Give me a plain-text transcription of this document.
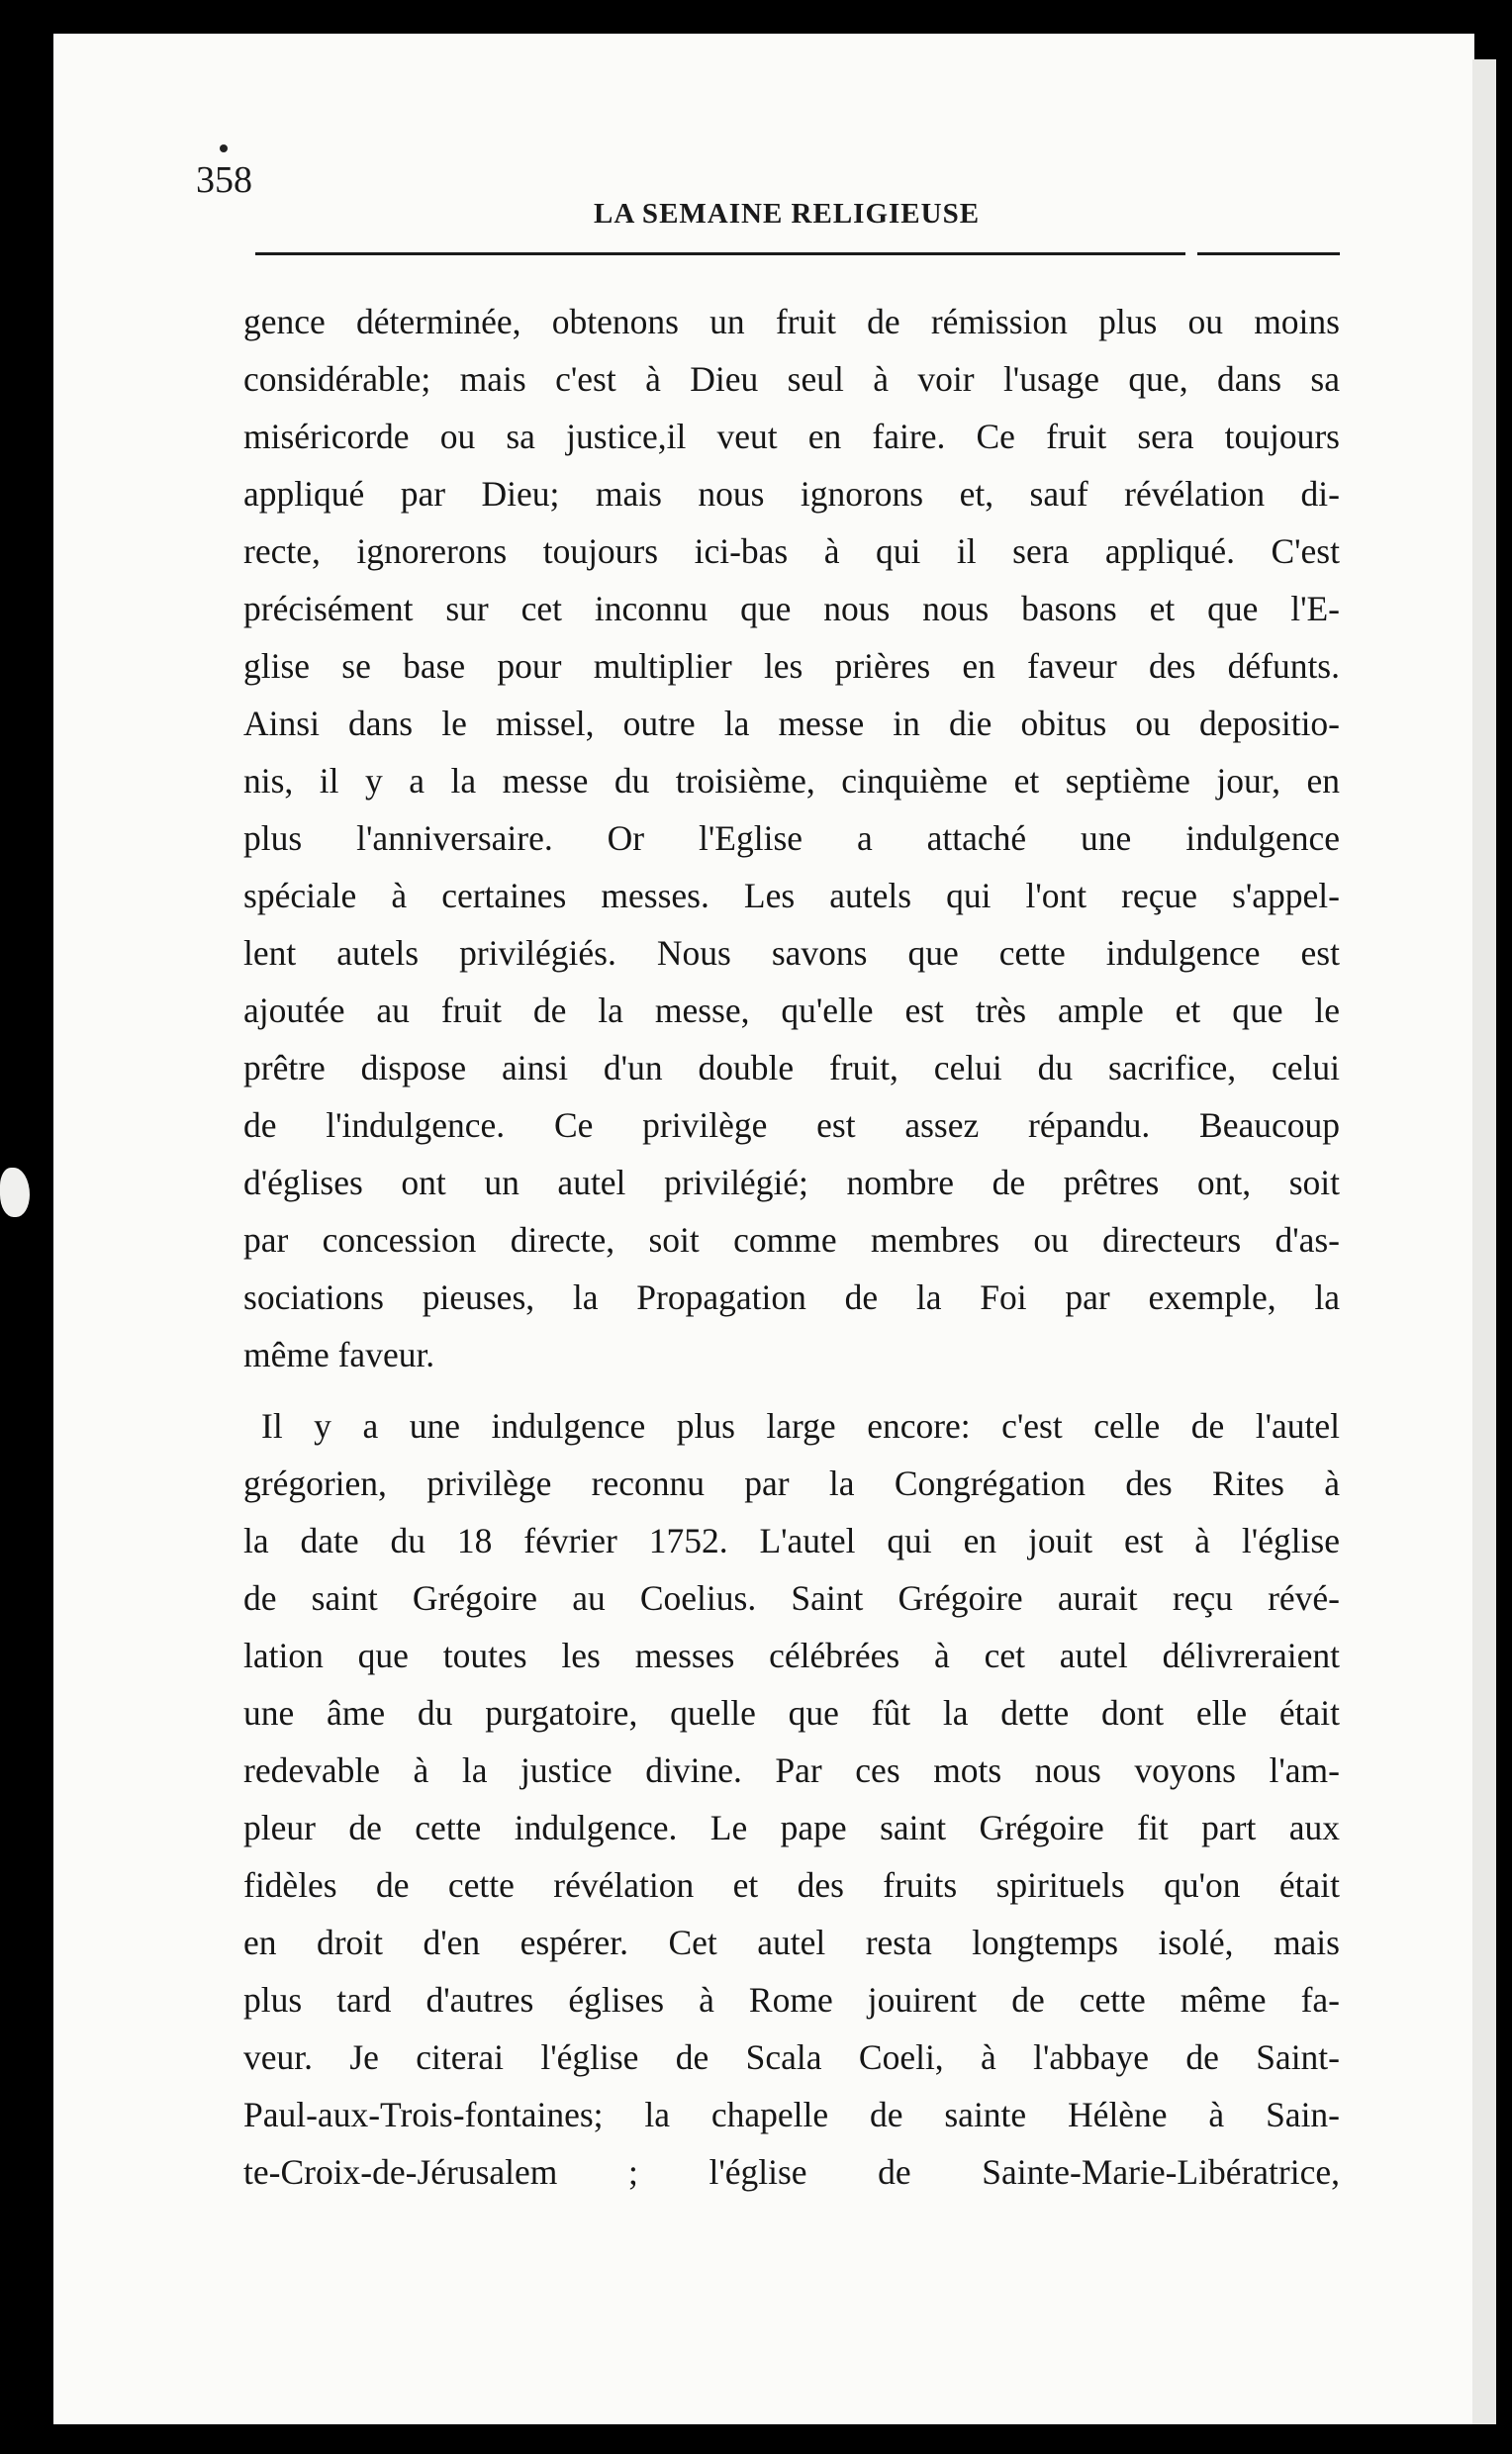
358
LA SEMAINE RELIGIEUSE
gence déterminée, obtenons un fruit de rémission plus ou moins
considérable; mais c'est à Dieu seul à voir l'usage que, dans sa
miséricorde ou sa justice,il veut en faire. Ce fruit sera toujours
appliqué par Dieu; mais nous ignorons et, sauf révélation di-
recte, ignorerons toujours ici-bas à qui il sera appliqué. C'est
précisément sur cet inconnu que nous nous basons et que l'E-
glise se base pour multiplier les prières en faveur des défunts.
Ainsi dans le missel, outre la messe in die obitus ou depositio-
nis, il y a la messe du troisième, cinquième et septième jour, en
plus l'anniversaire. Or l'Eglise a attaché une indulgence
spéciale à certaines messes. Les autels qui l'ont reçue s'appel-
lent autels privilégiés. Nous savons que cette indulgence est
ajoutée au fruit de la messe, qu'elle est très ample et que le
prêtre dispose ainsi d'un double fruit, celui du sacrifice, celui
de l'indulgence. Ce privilège est assez répandu. Beaucoup
d'églises ont un autel privilégié; nombre de prêtres ont, soit
par concession directe, soit comme membres ou directeurs d'as-
sociations pieuses, la Propagation de la Foi par exemple, la
même faveur.
Il y a une indulgence plus large encore: c'est celle de l'autel
grégorien, privilège reconnu par la Congrégation des Rites à
la date du 18 février 1752. L'autel qui en jouit est à l'église
de saint Grégoire au Coelius. Saint Grégoire aurait reçu révé-
lation que toutes les messes célébrées à cet autel délivreraient
une âme du purgatoire, quelle que fût la dette dont elle était
redevable à la justice divine. Par ces mots nous voyons l'am-
pleur de cette indulgence. Le pape saint Grégoire fit part aux
fidèles de cette révélation et des fruits spirituels qu'on était
en droit d'en espérer. Cet autel resta longtemps isolé, mais
plus tard d'autres églises à Rome jouirent de cette même fa-
veur. Je citerai l'église de Scala Coeli, à l'abbaye de Saint-
Paul-aux-Trois-fontaines; la chapelle de sainte Hélène à Sain-
te-Croix-de-Jérusalem ; l'église de Sainte-Marie-Libératrice,
